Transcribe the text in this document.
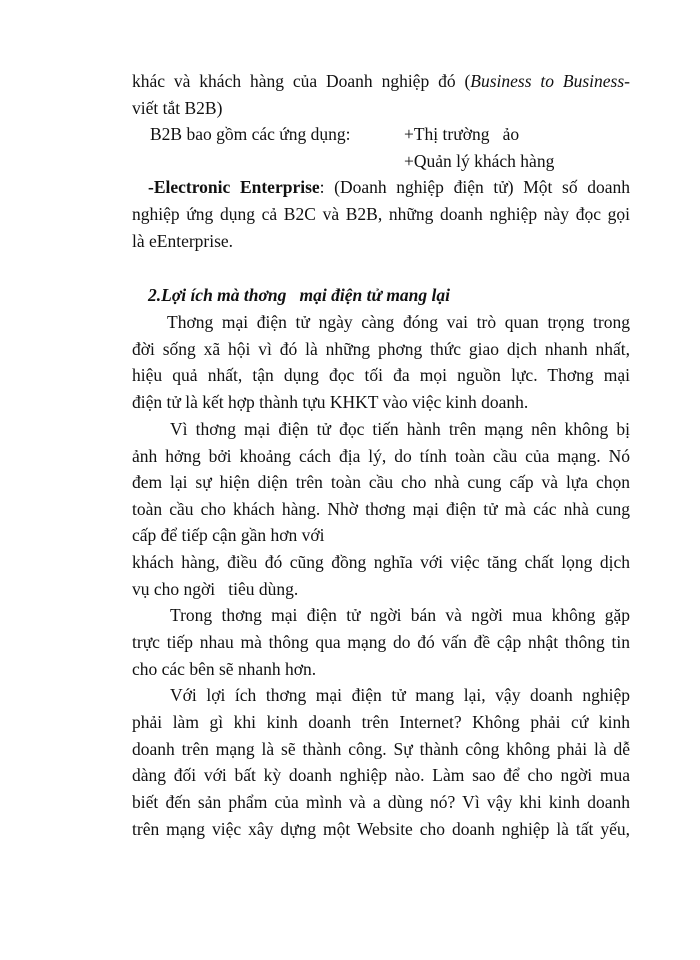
khác và khách hàng của Doanh nghiệp đó (Business to Business-
viết tắt B2B)
B2B bao gồm các ứng dụng:	+Thị trường   ảo
+Quản lý khách hàng
-Electronic Enterprise: (Doanh nghiệp điện tử) Một số doanh
nghiệp ứng dụng cả B2C và B2B, những doanh nghiệp này đọc gọi
là eEnterprise.
2.Lợi ích mà thơng   mại điện tử mang lại
Thơng mại điện tử ngày càng đóng vai trò quan trọng trong
đời sống xã hội vì đó là những phơng thức giao dịch nhanh nhất,
hiệu quả nhất, tận dụng đọc tối đa mọi nguồn lực. Thơng mại
điện tử là kết hợp thành tựu KHKT vào việc kinh doanh.
Vì thơng mại điện tử đọc tiến hành trên mạng nên không bị
ảnh hởng bởi khoảng cách địa lý, do tính toàn cầu của mạng. Nó
đem lại sự hiện diện trên toàn cầu cho nhà cung cấp và lựa chọn
toàn cầu cho khách hàng. Nhờ thơng mại điện tử mà các nhà cung
cấp để tiếp cận gần hơn với
khách hàng, điều đó cũng đồng nghĩa với việc tăng chất lọng dịch
vụ cho ngời   tiêu dùng.
Trong thơng mại điện tử ngời bán và ngời mua không gặp
trực tiếp nhau mà thông qua mạng do đó vấn đề cập nhật thông tin
cho các bên sẽ nhanh hơn.
Với lợi ích thơng mại điện tử mang lại, vậy doanh nghiệp
phải làm gì khi kinh doanh trên Internet? Không phải cứ kinh
doanh trên mạng là sẽ thành công. Sự thành công không phải là dễ
dàng đối với bất kỳ doanh nghiệp nào. Làm sao để cho ngời mua
biết đến sản phẩm của mình và a dùng nó? Vì vậy khi kinh doanh
trên mạng việc xây dựng một Website cho doanh nghiệp là tất yếu,
